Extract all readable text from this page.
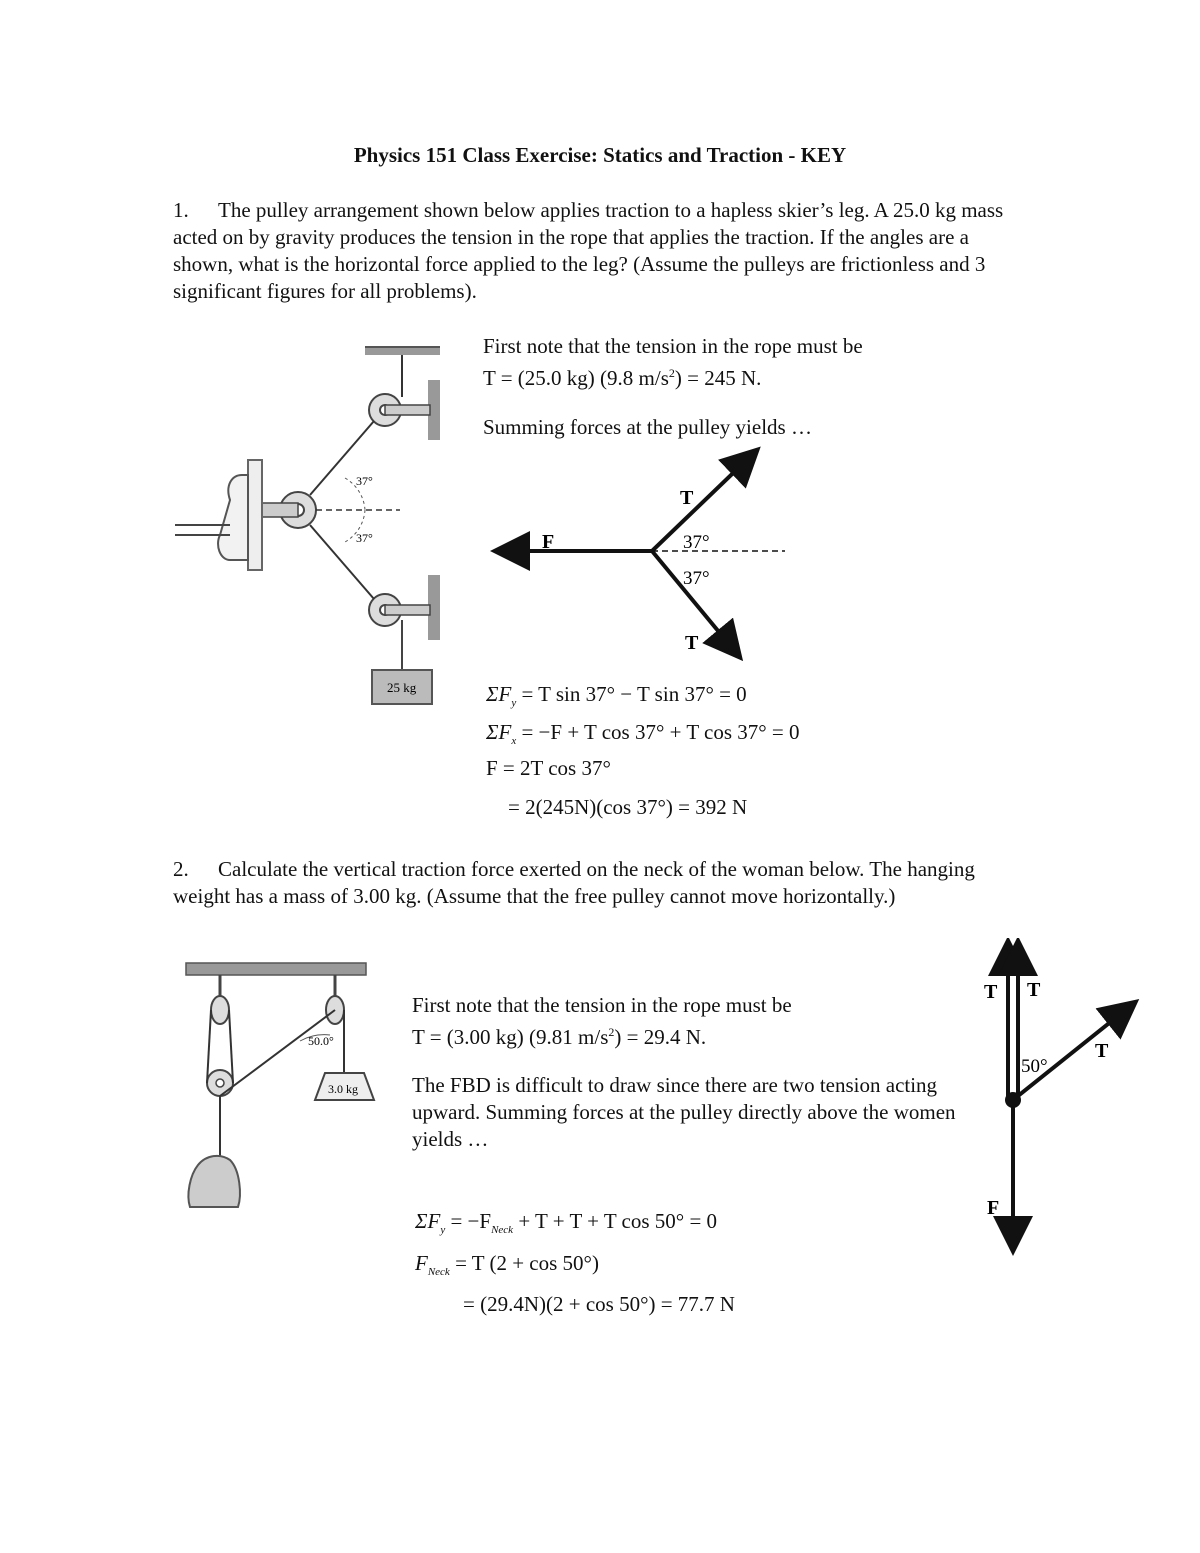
Physics 151 Class Exercise: Statics and Traction - KEY
1. The pulley arrangement shown below applies traction to a hapless skier’s leg. A 25.0 kg mass acted on by gravity produces the tension in the rope that applies the traction. If the angles are a shown, what is the horizontal force applied to the leg? (Assume the pulleys are frictionless and 3 significant figures for all problems).
37°
37°
25 kg
First note that the tension in the rope must be
T = (25.0 kg) (9.8 $m/s^2) = 245$ N.
Summing forces at the pulley yields …
T
T
F	37°
37°
$\Sigma F_y = T$ sin 37° − T sin 37° = 0
$\Sigma F_x = -F + T$ cos 37° + T cos 37° = 0
F = 2T cos 37°
= 2(245N)(cos 37°) = 392 N
2. Calculate the vertical traction force exerted on the neck of the woman below. The hanging weight has a mass of 3.00 kg. (Assume that the free pulley cannot move horizontally.)
50.0°
3.0 kg
First note that the tension in the rope must be
T = (3.00 kg) (9.81 $m/s^2) = 29.4$ N.
The FBD is difficult to draw since there are two tension acting upward. Summing forces at the pulley directly above the women yields …
T T
T
F
50°
$\Sigma F_y = -F_{Neck} + T + T + T$ cos 50° = 0
$F_{Neck} = T$ (2 + cos 50°)
= (29.4N)(2 + cos 50°) = 77.7 N
